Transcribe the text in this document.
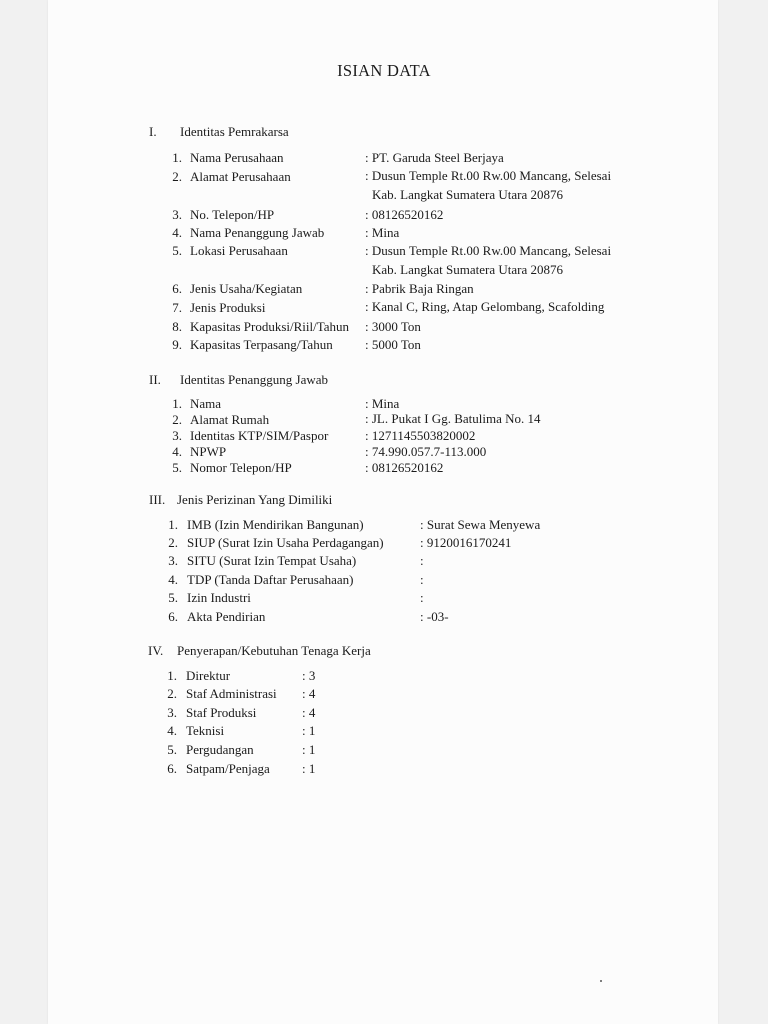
ISIAN DATA
I. Identitas Pemrakarsa
1. Nama Perusahaan	: PT. Garuda Steel Berjaya
2. Alamat Perusahaan	: Dusun Temple Rt.00 Rw.00 Mancang, Selesai
Kab. Langkat Sumatera Utara 20876
3. No. Telepon/HP	: 08126520162
4. Nama Penanggung Jawab	: Mina
5. Lokasi Perusahaan	: Dusun Temple Rt.00 Rw.00 Mancang, Selesai
Kab. Langkat Sumatera Utara 20876
6. Jenis Usaha/Kegiatan	: Pabrik Baja Ringan
7. Jenis Produksi	: Kanal C, Ring, Atap Gelombang, Scafolding
8. Kapasitas Produksi/Riil/Tahun : 3000 Ton
9. Kapasitas Terpasang/Tahun : 5000 Ton
II. Identitas Penanggung Jawab
1. Nama	: Mina
2. Alamat Rumah	: JL. Pukat I Gg. Batulima No. 14
3. Identitas KTP/SIM/Paspor	: 1271145503820002
4. NPWP	: 74.990.057.7-113.000
5. Nomor Telepon/HP	: 08126520162
III. Jenis Perizinan Yang Dimiliki
1. IMB (Izin Mendirikan Bangunan)	: Surat Sewa Menyewa
2. SIUP (Surat Izin Usaha Perdagangan)	: 9120016170241
3. SITU (Surat Izin Tempat Usaha)	:
4. TDP (Tanda Daftar Perusahaan)	:
5. Izin Industri	:
6. Akta Pendirian	: -03-
IV. Penyerapan/Kebutuhan Tenaga Kerja
1. Direktur	: 3
2. Staf Administrasi : 4
3. Staf Produksi	: 4
4. Teknisi	: 1
5. Pergudangan	: 1
6. Satpam/Penjaga : 1
